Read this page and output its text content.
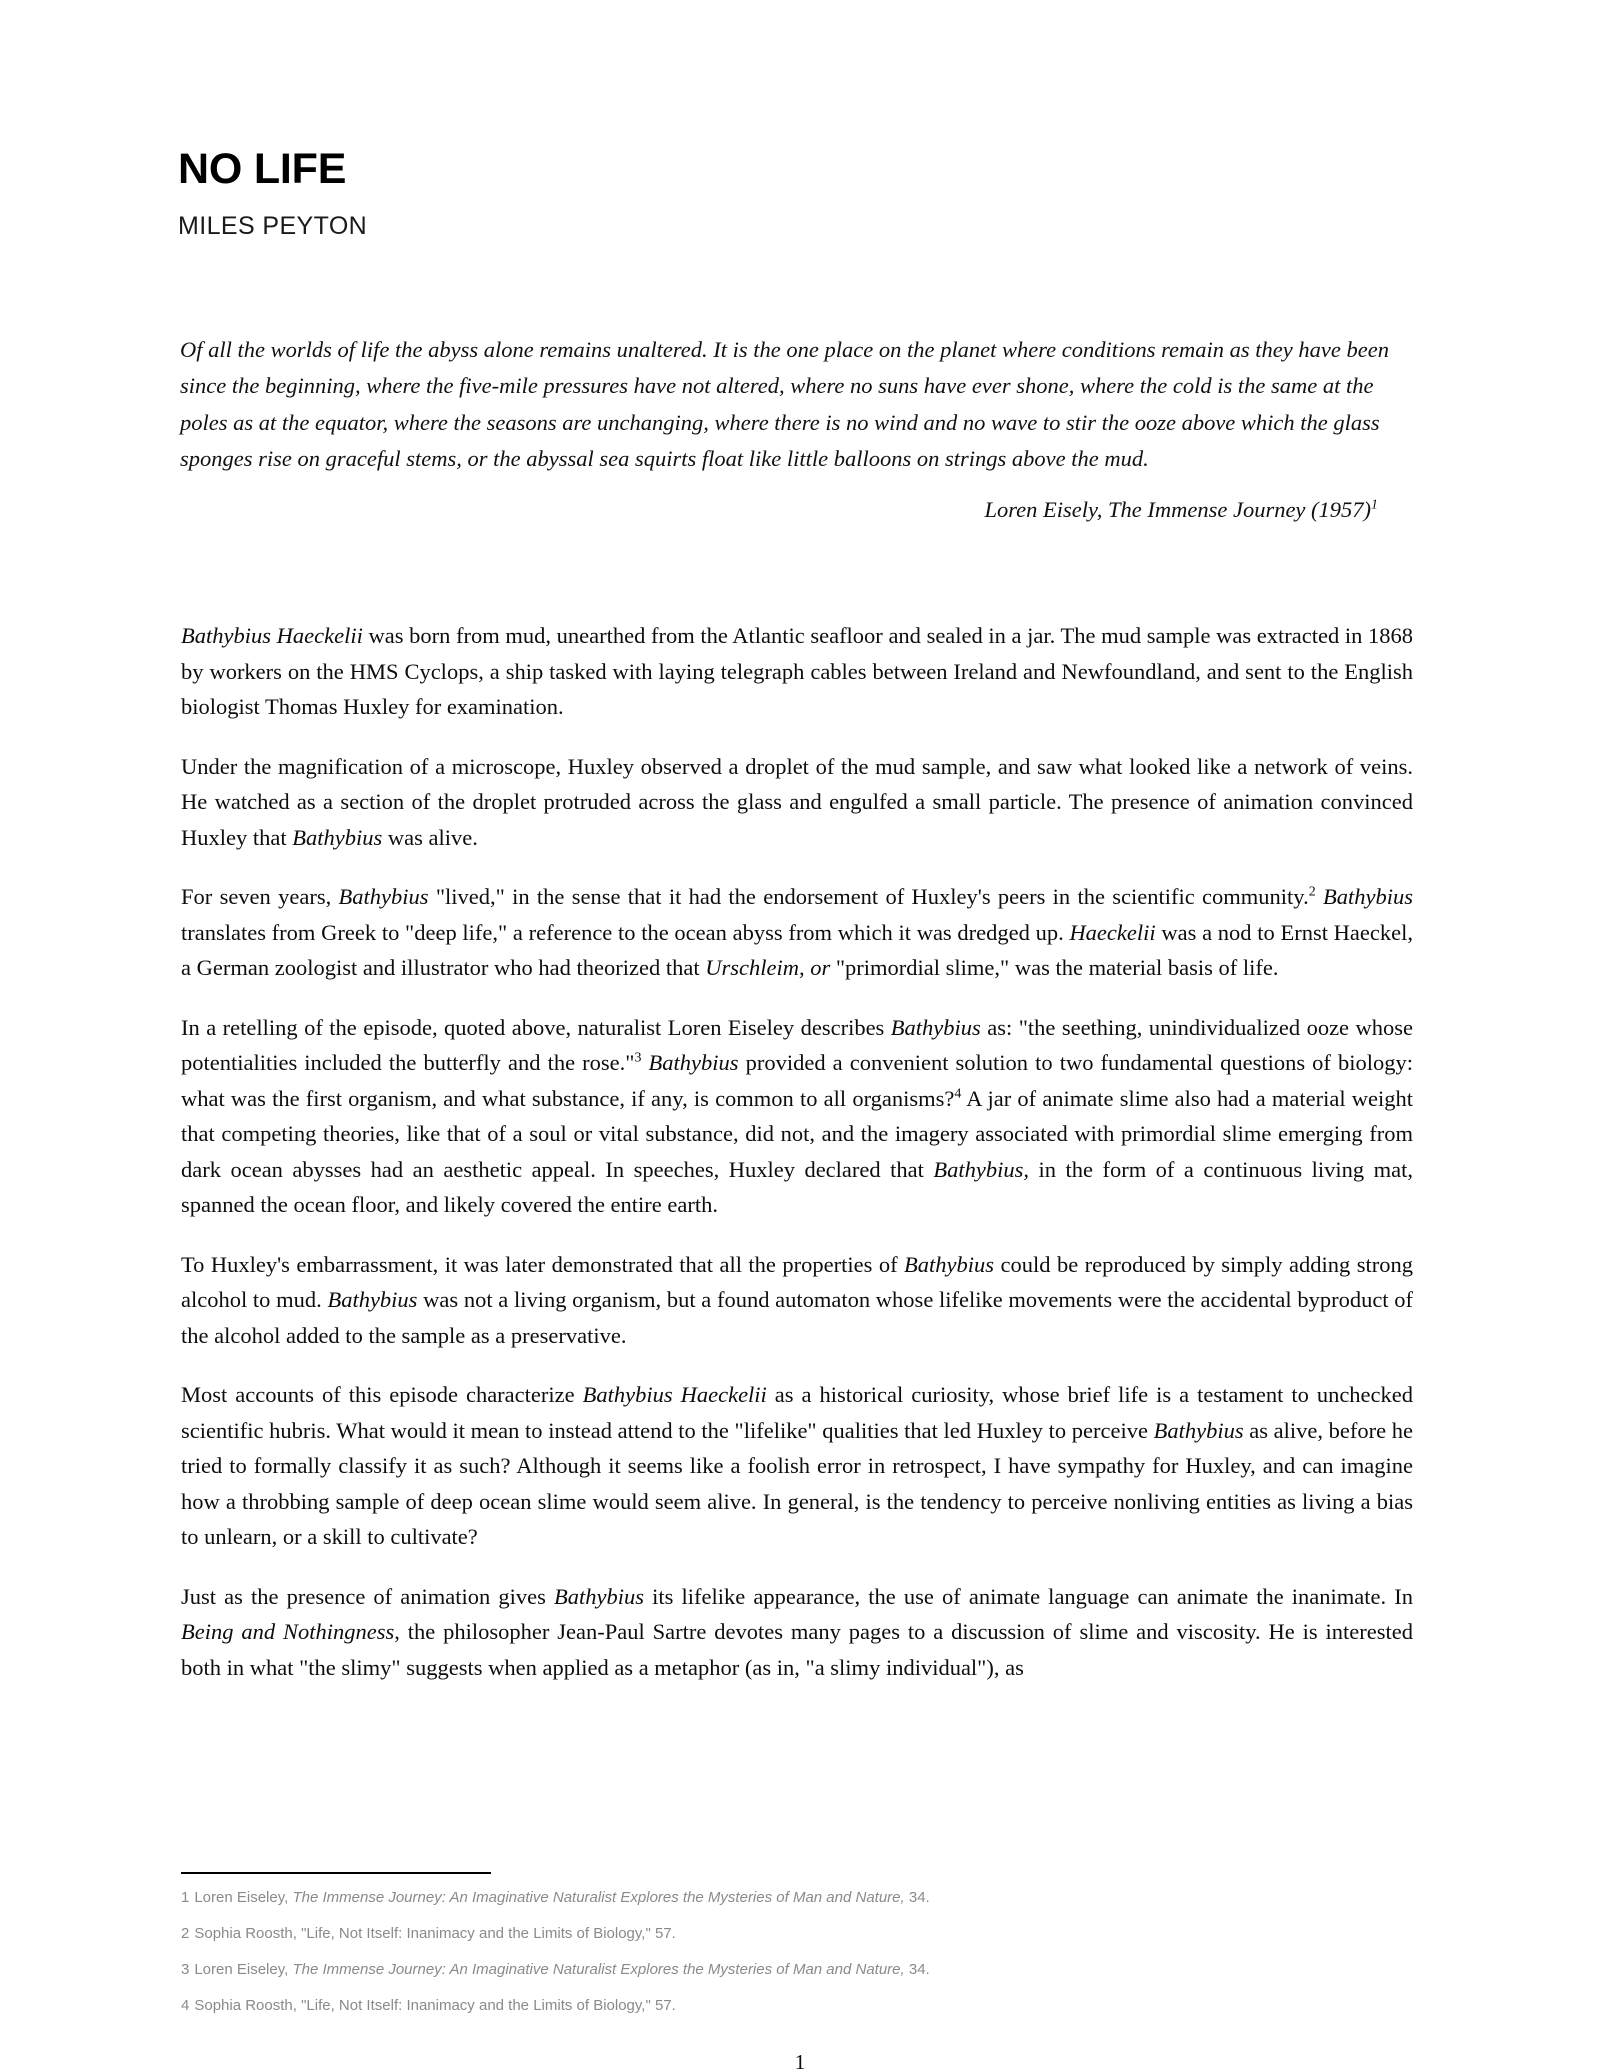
NO LIFE

MILES PEYTON

Of all the worlds of life the abyss alone remains unaltered. It is the one place on the planet where conditions remain as they have been since the beginning, where the five-mile pressures have not altered, where no suns have ever shone, where the cold is the same at the poles as at the equator, where the seasons are unchanging, where there is no wind and no wave to stir the ooze above which the glass sponges rise on graceful stems, or the abyssal sea squirts float like little balloons on strings above the mud.

Loren Eisely, The Immense Journey $(1957)^1$

Bathybius Haeckelii was born from mud, unearthed from the Atlantic seafloor and sealed in a jar. The mud sample was extracted in 1868 by workers on the HMS Cyclops, a ship tasked with laying telegraph cables between Ireland and Newfoundland, and sent to the English biologist Thomas Huxley for examination.

Under the magnification of a microscope, Huxley observed a droplet of the mud sample, and saw what looked like a network of veins. He watched as a section of the droplet protruded across the glass and engulfed a small particle. The presence of animation convinced Huxley that Bathybius was alive.

For seven years, Bathybius "lived," in the sense that it had the endorsement of Huxley's peers in the scientific community.$^2$ Bathybius translates from Greek to "deep life," a reference to the ocean abyss from which it was dredged up. Haeckelii was a nod to Ernst Haeckel, a German zoologist and illustrator who had theorized that Urschleim, or "primordial slime," was the material basis of life.

In a retelling of the episode, quoted above, naturalist Loren Eiseley describes Bathybius as: "the seething, unindividualized ooze whose potentialities included the butterfly and the rose."$^3$ Bathybius provided a convenient solution to two fundamental questions of biology: what was the first organism, and what substance, if any, is common to all organisms?$^4$ A jar of animate slime also had a material weight that competing theories, like that of a soul or vital substance, did not, and the imagery associated with primordial slime emerging from dark ocean abysses had an aesthetic appeal. In speeches, Huxley declared that Bathybius, in the form of a continuous living mat, spanned the ocean floor, and likely covered the entire earth.

To Huxley's embarrassment, it was later demonstrated that all the properties of Bathybius could be reproduced by simply adding strong alcohol to mud. Bathybius was not a living organism, but a found automaton whose lifelike movements were the accidental byproduct of the alcohol added to the sample as a preservative.

Most accounts of this episode characterize Bathybius Haeckelii as a historical curiosity, whose brief life is a testament to unchecked scientific hubris. What would it mean to instead attend to the "lifelike" qualities that led Huxley to perceive Bathybius as alive, before he tried to formally classify it as such? Although it seems like a foolish error in retrospect, I have sympathy for Huxley, and can imagine how a throbbing sample of deep ocean slime would seem alive. In general, is the tendency to perceive nonliving entities as living a bias to unlearn, or a skill to cultivate?

Just as the presence of animation gives Bathybius its lifelike appearance, the use of animate language can animate the inanimate. In Being and Nothingness, the philosopher Jean-Paul Sartre devotes many pages to a discussion of slime and viscosity. He is interested both in what "the slimy" suggests when applied as a metaphor (as in, "a slimy individual"), as

1 Loren Eiseley, The Immense Journey: An Imaginative Naturalist Explores the Mysteries of Man and Nature, 34.

2 Sophia Roosth, "Life, Not Itself: Inanimacy and the Limits of Biology," 57.

3 Loren Eiseley, The Immense Journey: An Imaginative Naturalist Explores the Mysteries of Man and Nature, 34.

4 Sophia Roosth, "Life, Not Itself: Inanimacy and the Limits of Biology," 57.

1
